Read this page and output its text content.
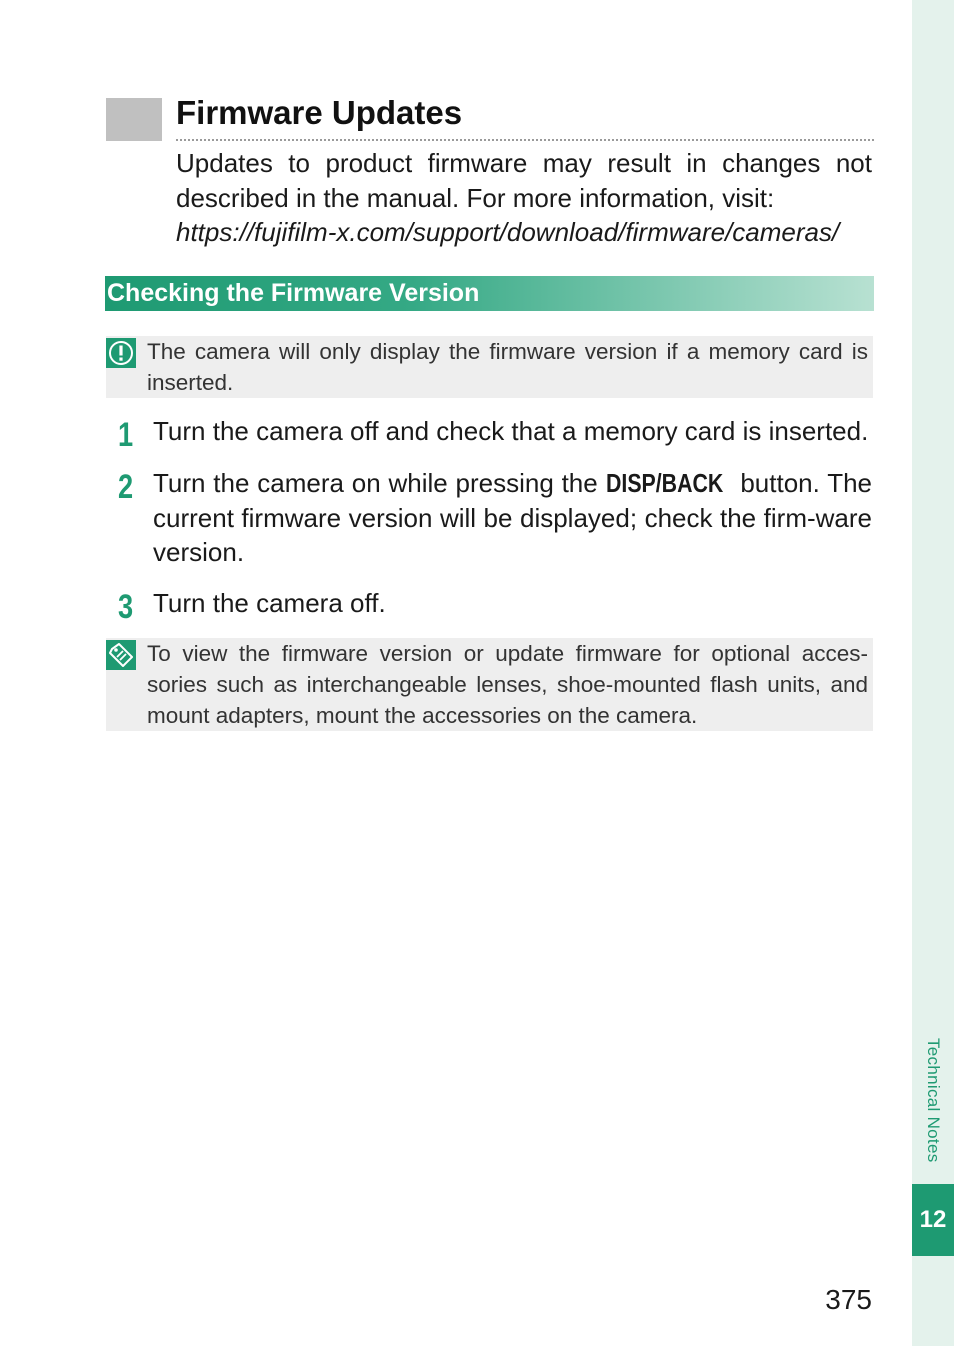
Technical Notes
12
Firmware Updates

Updates to product firmware may result in changes not described in the manual. For more information, visit:
https://fujifilm-x.com/support/download/firmware/cameras/

Checking the Firmware Version

The camera will only display the firmware version if a memory card is inserted.

1 Turn the camera off and check that a memory card is inserted.

2 Turn the camera on while pressing the DISP/BACK button. The current firmware version will be displayed; check the firm-ware version.

3 Turn the camera off.

To view the firmware version or update firmware for optional acces-sories such as interchangeable lenses, shoe-mounted flash units, and mount adapters, mount the accessories on the camera.

375
